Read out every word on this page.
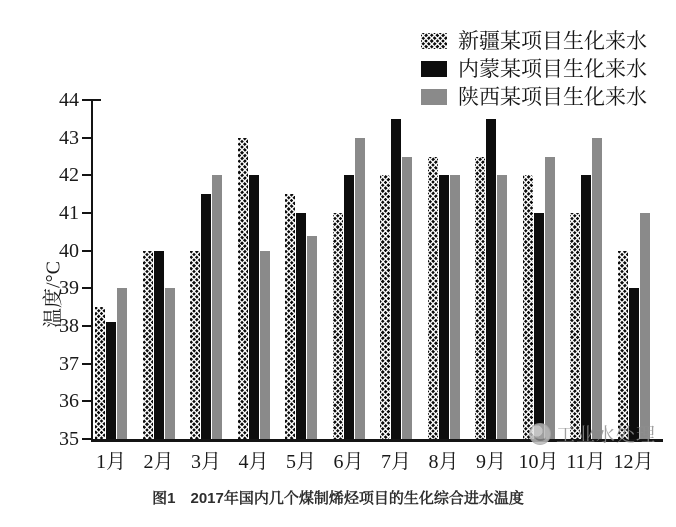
新疆某项目生化来水
内蒙某项目生化来水
陕西某项目生化来水
温度/°C
35
36
37
38
39
40
41
42
43
44
1月 2月 3月 4月 5月 6月 7月 8月 9月 10月 11月 12月
工业水处理
图1　2017年国内几个煤制烯烃项目的生化综合进水温度
